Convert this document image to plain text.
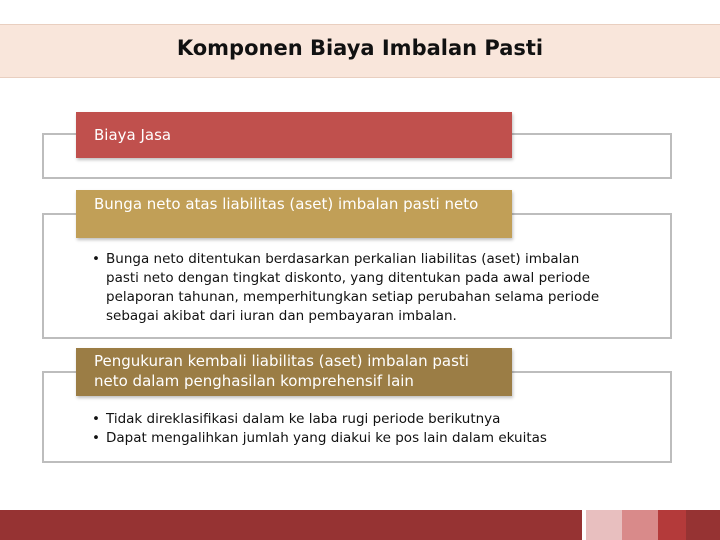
Komponen Biaya Imbalan Pasti
Biaya Jasa
Bunga neto atas liabilitas (aset) imbalan pasti neto
• Bunga neto ditentukan berdasarkan perkalian liabilitas (aset) imbalan pasti neto dengan tingkat diskonto, yang ditentukan pada awal periode pelaporan tahunan, memperhitungkan setiap perubahan selama periode sebagai akibat dari iuran dan pembayaran imbalan.
Pengukuran kembali liabilitas (aset) imbalan pasti neto dalam penghasilan komprehensif lain
• Tidak direklasifikasi dalam ke laba rugi periode berikutnya
• Dapat mengalihkan jumlah yang diakui ke pos lain dalam ekuitas
